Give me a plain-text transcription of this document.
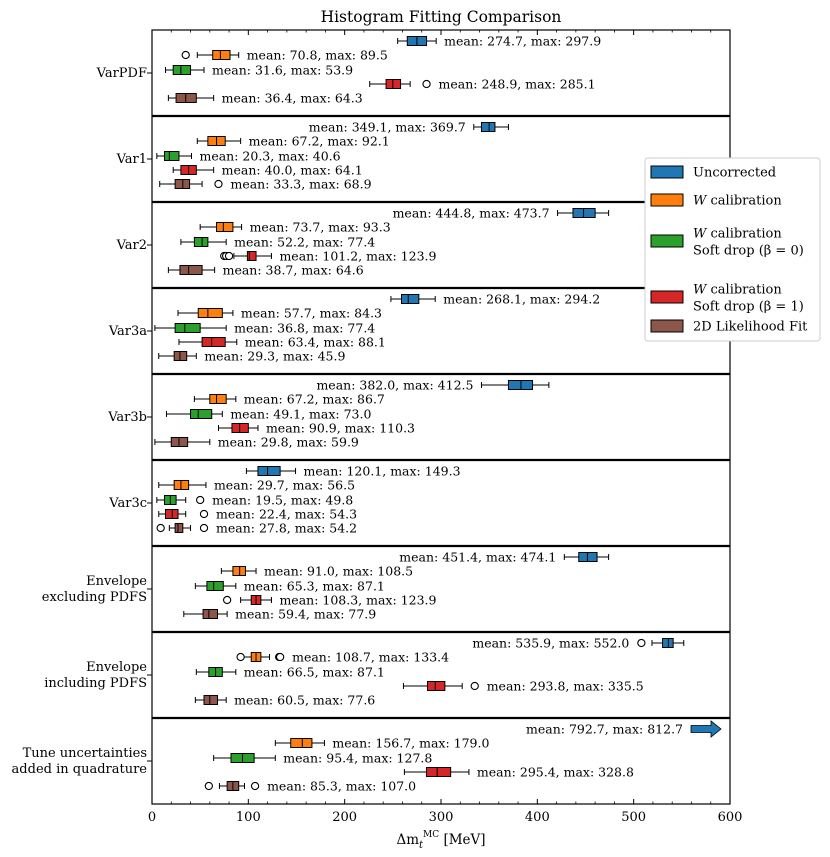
Histogram Fitting Comparison
VarPDF
mean: 274.7, max: 297.9
mean: 70.8, max: 89.5
mean: 31.6, max: 53.9
mean: 248.9, max: 285.1
mean: 36.4, max: 64.3
Var1
mean: 349.1, max: 369.7
mean: 67.2, max: 92.1
mean: 20.3, max: 40.6
mean: 40.0, max: 64.1
mean: 33.3, max: 68.9
Var2
mean: 444.8, max: 473.7
mean: 73.7, max: 93.3
mean: 52.2, max: 77.4
mean: 101.2, max: 123.9
mean: 38.7, max: 64.6
Var3a
mean: 268.1, max: 294.2
mean: 57.7, max: 84.3
mean: 36.8, max: 77.4
mean: 63.4, max: 88.1
mean: 29.3, max: 45.9
Var3b
mean: 382.0, max: 412.5
mean: 67.2, max: 86.7
mean: 49.1, max: 73.0
mean: 90.9, max: 110.3
mean: 29.8, max: 59.9
Var3c
mean: 120.1, max: 149.3
mean: 29.7, max: 56.5
mean: 19.5, max: 49.8
mean: 22.4, max: 54.3
mean: 27.8, max: 54.2
Envelope excluding PDFS
mean: 451.4, max: 474.1
mean: 91.0, max: 108.5
mean: 65.3, max: 87.1
mean: 108.3, max: 123.9
mean: 59.4, max: 77.9
Envelope including PDFS
mean: 535.9, max: 552.0
mean: 108.7, max: 133.4
mean: 66.5, max: 87.1
mean: 293.8, max: 335.5
mean: 60.5, max: 77.6
Tune uncertainties added in quadrature
mean: 792.7, max: 812.7
mean: 156.7, max: 179.0
mean: 95.4, max: 127.8
mean: 295.4, max: 328.8
mean: 85.3, max: 107.0
0	100	200	300	400	500	600
$\Delta m_t^{MC}$ [MeV]
Uncorrected
W calibration
W calibration Soft drop (β = 0)
W calibration Soft drop (β = 1)
2D Likelihood Fit
